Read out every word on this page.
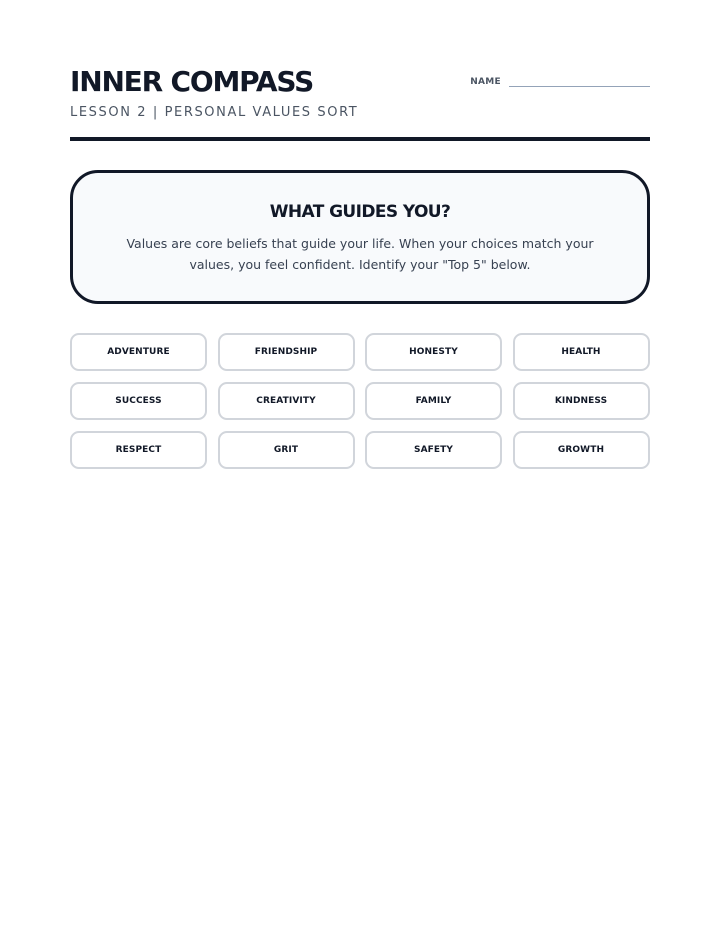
INNER COMPASS

LESSON 2 | PERSONAL VALUES SORT

NAME
WHAT GUIDES YOU?

Values are core beliefs that guide your life. When your choices match your values, you feel confident. Identify your "Top 5" below.

ADVENTURE	FRIENDSHIP	HONESTY	HEALTH
SUCCESS	CREATIVITY	FAMILY	KINDNESS
RESPECT	GRIT	SAFETY	GROWTH
